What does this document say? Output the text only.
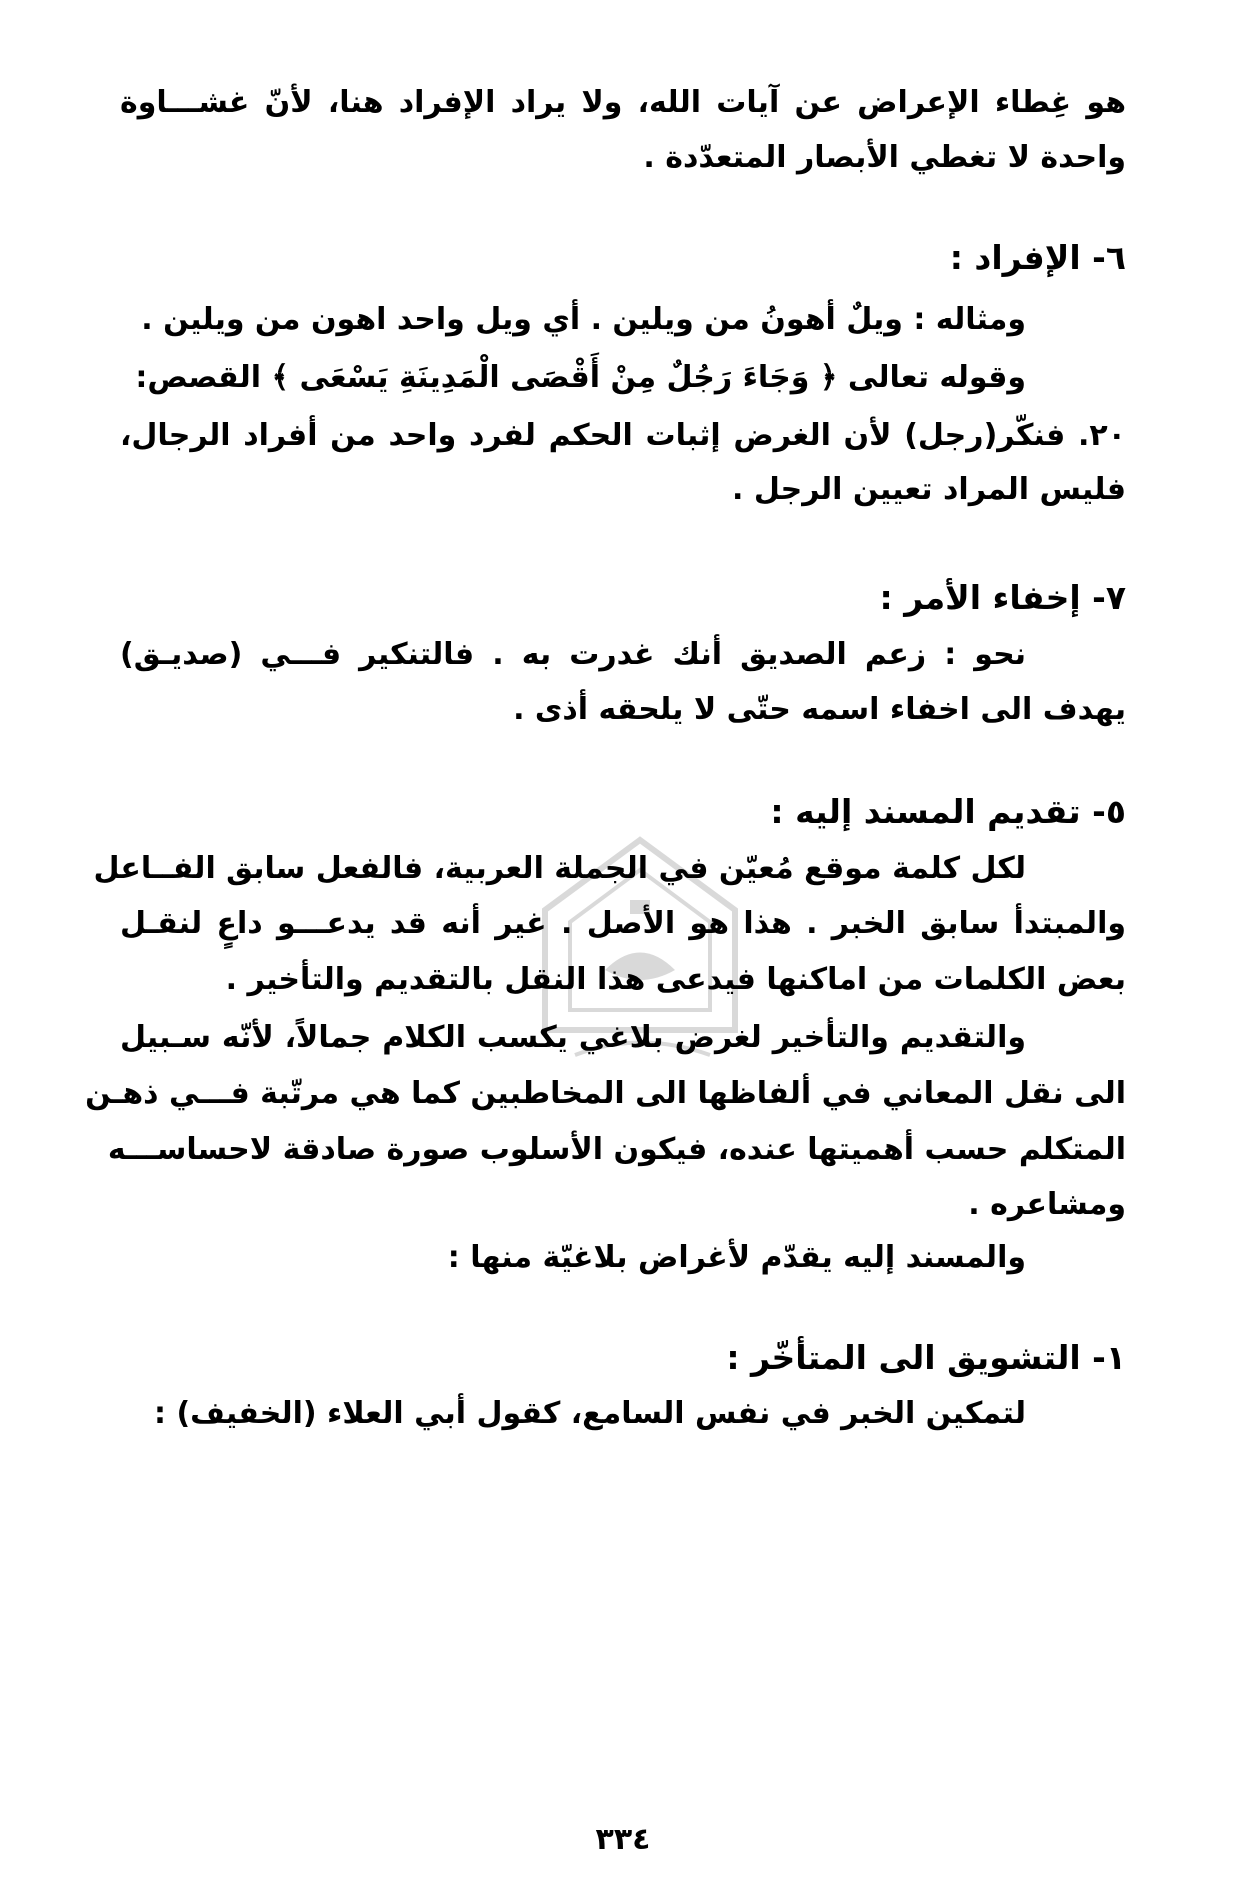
هو غِطاء الإعراض عن آيات الله، ولا يراد الإفراد هنا، لأنّ غشـــاوة
واحدة لا تغطي الأبصار المتعدّدة .
٦- الإفراد :
ومثاله : ويلٌ أهونُ من ويلين . أي ويل واحد اهون من ويلين .
وقوله تعالى ﴿ وَجَاءَ رَجُلٌ مِنْ أَقْصَى الْمَدِينَةِ يَسْعَى ﴾ القصص:
٢٠. فنكّر(رجل) لأن الغرض إثبات الحكم لفرد واحد من أفراد الرجال،
فليس المراد تعيين الرجل .
٧- إخفاء الأمر :
نحو : زعم الصديق أنك غدرت به . فالتنكير فـــي (صديـق)
يهدف الى اخفاء اسمه حتّى لا يلحقه أذى .
٥- تقديم المسند إليه :
لكل كلمة موقع مُعيّن في الجملة العربية، فالفعل سابق الفــاعل
والمبتدأ سابق الخبر . هذا هو الأصل . غير أنه قد يدعـــو داعٍ لنقـل
بعض الكلمات من اماكنها فيدعى هذا النقل بالتقديم والتأخير .
والتقديم والتأخير لغرض بلاغي يكسب الكلام جمالاً، لأنّه سـبيل
الى نقل المعاني في ألفاظها الى المخاطبين كما هي مرتّبة فـــي ذهـن
المتكلم حسب أهميتها عنده، فيكون الأسلوب صورة صادقة لاحساســـه
ومشاعره .
والمسند إليه يقدّم لأغراض بلاغيّة منها :
١- التشويق الى المتأخّر :
لتمكين الخبر في نفس السامع، كقول أبي العلاء (الخفيف) :
٣٣٤
